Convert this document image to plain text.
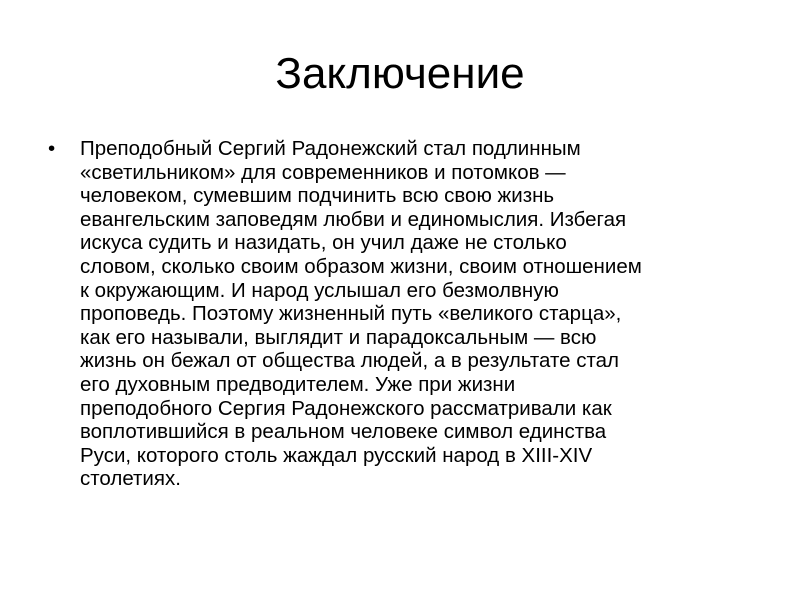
Заключение
•	Преподобный Сергий Радонежский стал подлинным
«светильником» для современников и потомков —
человеком, сумевшим подчинить всю свою жизнь
евангельским заповедям любви и единомыслия. Избегая
искуса судить и назидать, он учил даже не столько
словом, сколько своим образом жизни, своим отношением
к окружающим. И народ услышал его безмолвную
проповедь. Поэтому жизненный путь «великого старца»,
как его называли, выглядит и парадоксальным — всю
жизнь он бежал от общества людей, а в результате стал
его духовным предводителем. Уже при жизни
преподобного Сергия Радонежского рассматривали как
воплотившийся в реальном человеке символ единства
Руси, которого столь жаждал русский народ в XIII-XIV
столетиях.
